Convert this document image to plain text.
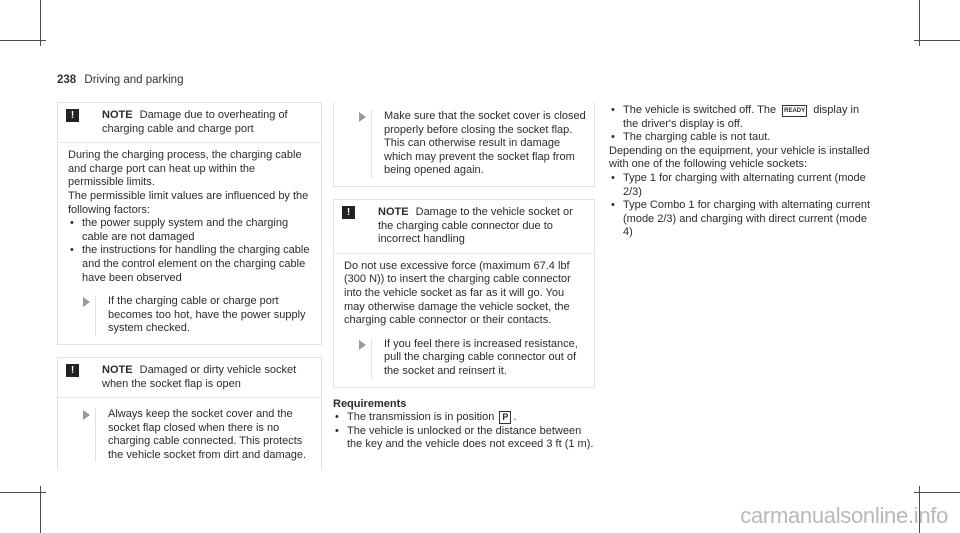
238 Driving and parking
!	NOTE Damage due to overheating of charging cable and charge port
During the charging process, the charging cable and charge port can heat up within the permissible limits.
The permissible limit values are influenced by the following factors:
• the power supply system and the charging cable are not damaged
• the instructions for handling the charging cable and the control element on the charging cable have been observed
If the charging cable or charge port becomes too hot, have the power supply system checked.
!	NOTE Damaged or dirty vehicle socket when the socket flap is open
Always keep the socket cover and the socket flap closed when there is no charging cable connected. This protects the vehicle socket from dirt and damage.
Make sure that the socket cover is closed properly before closing the socket flap. This can otherwise result in damage which may prevent the socket flap from being opened again.
!	NOTE Damage to the vehicle socket or the charging cable connector due to incorrect handling
Do not use excessive force (maximum 67.4 lbf (300 N)) to insert the charging cable connector into the vehicle socket as far as it will go. You may otherwise damage the vehicle socket, the charging cable connector or their contacts.
If you feel there is increased resistance, pull the charging cable connector out of the socket and reinsert it.
Requirements
• The transmission is in position P .
• The vehicle is unlocked or the distance between the key and the vehicle does not exceed 3 ft (1 m).
• The vehicle is switched off. The READY display in the driver's display is off.
• The charging cable is not taut.
Depending on the equipment, your vehicle is installed with one of the following vehicle sockets:
• Type 1 for charging with alternating current (mode 2/3)
• Type Combo 1 for charging with alternating current (mode 2/3) and charging with direct current (mode 4)
carmanualsonline.info
